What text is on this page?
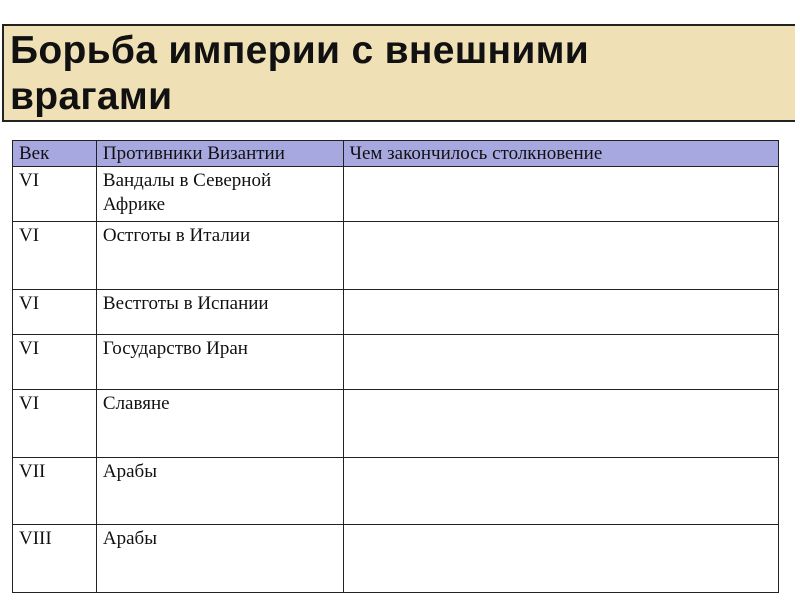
Борьба империи с внешними
врагами
Век	Противники Византии	Чем закончилось столкновение
VI	Вандалы в Северной Африке	
VI	Остготы в Италии	
VI	Вестготы в Испании	
VI	Государство Иран	
VI	Славяне	
VII	Арабы	
VIII	Арабы	
